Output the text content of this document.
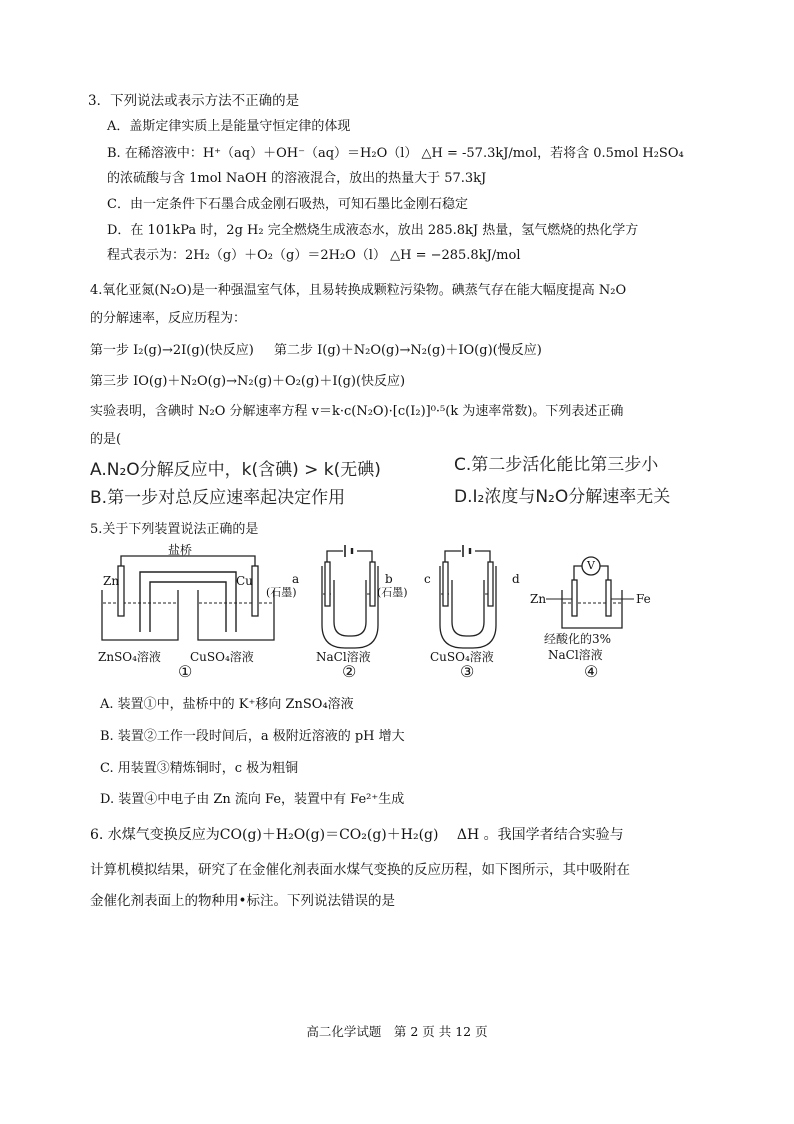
3．下列说法或表示方法不正确的是
A．盖斯定律实质上是能量守恒定律的体现
B. 在稀溶液中：H⁺（aq）＋OH⁻（aq）＝H₂O（l） △H = -57.3kJ/mol，若将含 0.5mol H₂SO₄
的浓硫酸与含 1mol NaOH 的溶液混合，放出的热量大于 57.3kJ
C．由一定条件下石墨合成金刚石吸热，可知石墨比金刚石稳定
D．在 101kPa 时，2g H₂ 完全燃烧生成液态水，放出 285.8kJ 热量，氢气燃烧的热化学方
程式表示为：2H₂（g）＋O₂（g）＝2H₂O（l） △H = −285.8kJ/mol
4.氧化亚氮(N₂O)是一种强温室气体，且易转换成颗粒污染物。碘蒸气存在能大幅度提高 N₂O
的分解速率，反应历程为：
第一步 I₂(g)→2I(g)(快反应) 第二步 I(g)＋N₂O(g)→N₂(g)＋IO(g)(慢反应)
第三步 IO(g)＋N₂O(g)→N₂(g)＋O₂(g)＋I(g)(快反应)
实验表明，含碘时 N₂O 分解速率方程 v＝k·c(N₂O)·[c(I₂)]⁰·⁵(k 为速率常数)。下列表述正确
的是(
A.N₂O分解反应中，k(含碘) > k(无碘)	C.第二步活化能比第三步小
B.第一步对总反应速率起决定作用	D.I₂浓度与N₂O分解速率无关
5.关于下列装置说法正确的是
盐桥
Zn	Cu
ZnSO₄溶液 CuSO₄溶液
①
a
(石墨)
b
(石墨)
NaCl溶液
②
c	d
CuSO₄溶液
③
V
Zn	Fe
经酸化的3%
NaCl溶液
④
A. 装置①中，盐桥中的 K⁺移向 ZnSO₄溶液
B. 装置②工作一段时间后，a 极附近溶液的 pH 增大
C. 用装置③精炼铜时，c 极为粗铜
D. 装置④中电子由 Zn 流向 Fe，装置中有 Fe²⁺生成
6. 水煤气变换反应为CO(g)＋H₂O(g)＝CO₂(g)＋H₂(g)　 ΔH 。我国学者结合实验与
计算机模拟结果，研究了在金催化剂表面水煤气变换的反应历程，如下图所示，其中吸附在
金催化剂表面上的物种用•标注。下列说法错误的是
高二化学试题　第 2 页 共 12 页
